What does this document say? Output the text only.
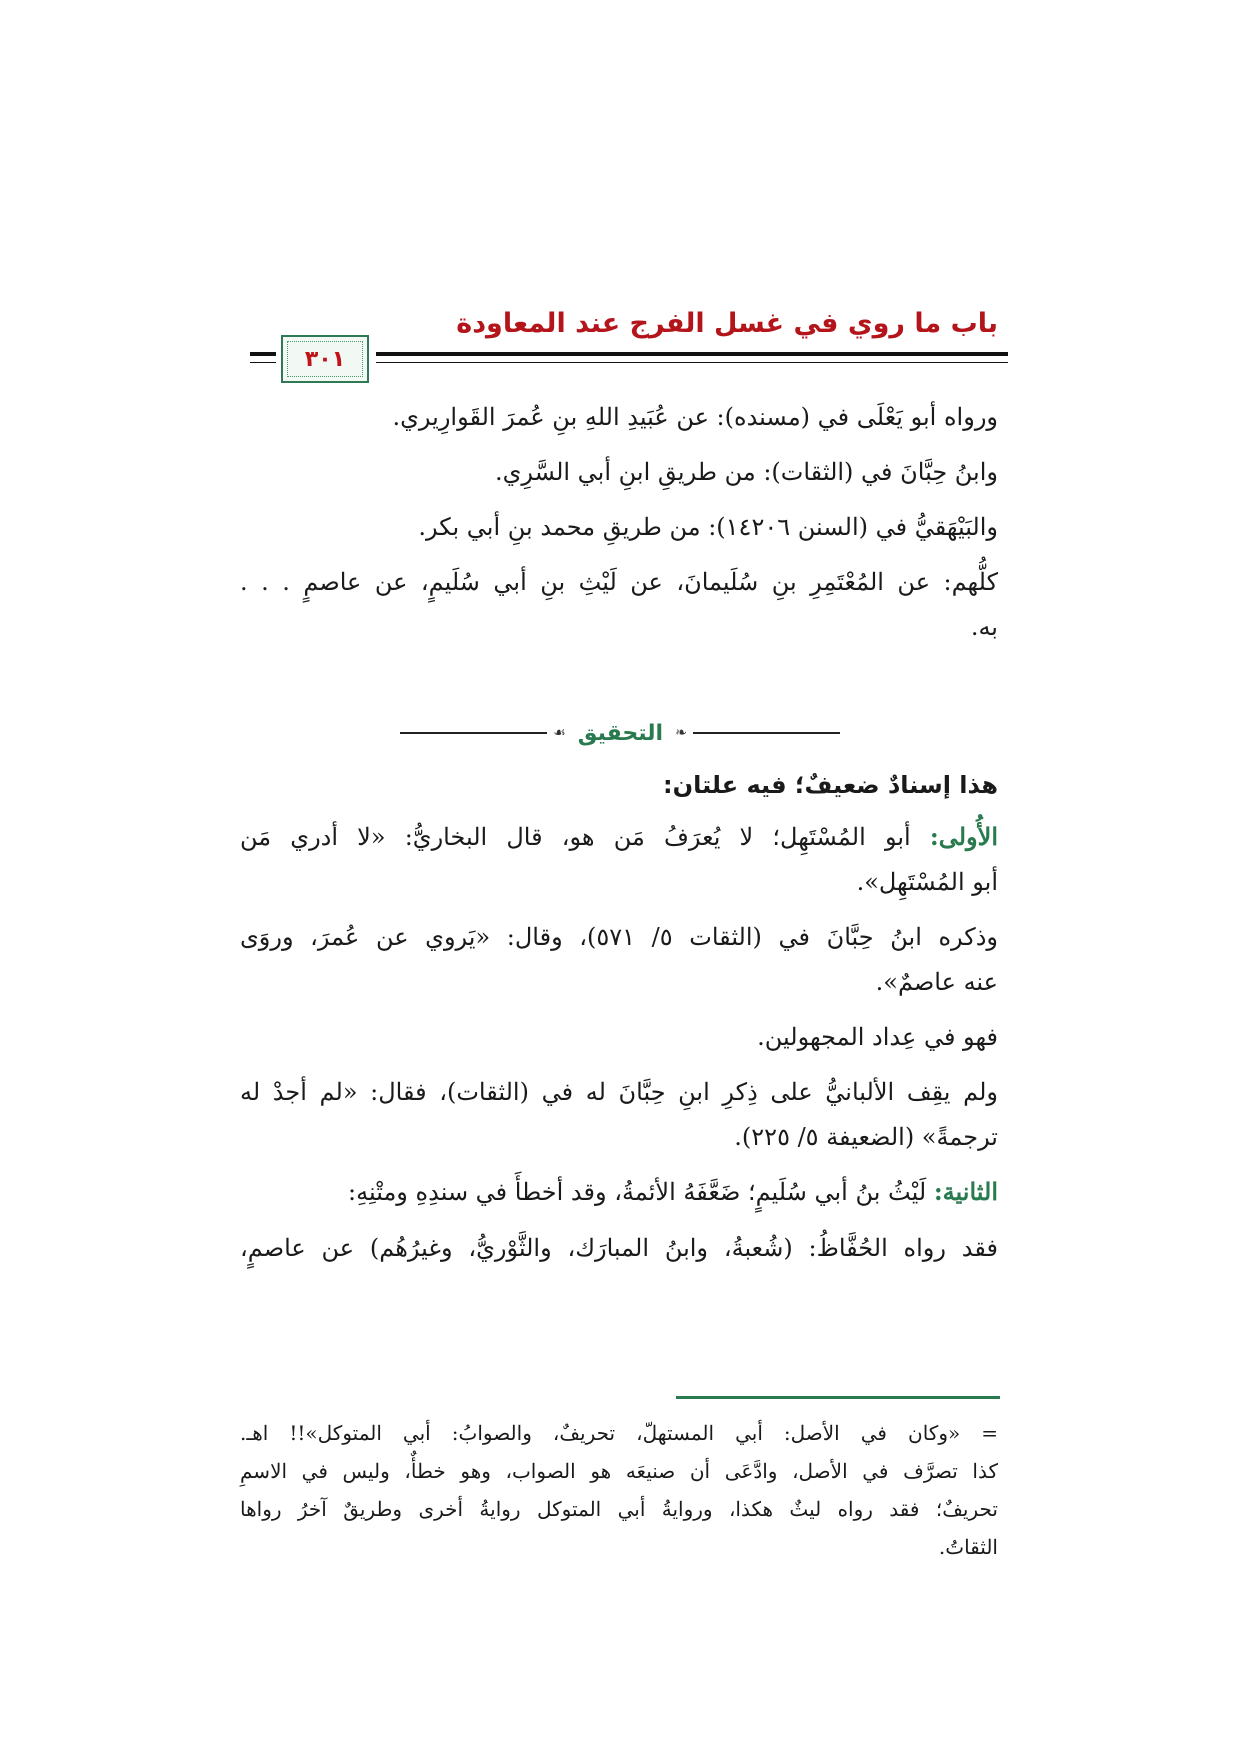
باب ما روي في غسل الفرج عند المعاودة
٣٠١
ورواه أبو يَعْلَى في (مسنده): عن عُبَيدِ اللهِ بنِ عُمرَ القَوارِيري.
وابنُ حِبَّانَ في (الثقات): من طريقِ ابنِ أبي السَّرِي.
والبَيْهَقيُّ في (السنن ١٤٢٠٦): من طريقِ محمد بنِ أبي بكر.
كلُّهم: عن المُعْتَمِرِ بنِ سُلَيمانَ، عن لَيْثِ بنِ أبي سُلَيمٍ، عن عاصمٍ . . .
به.
❧
التحقيق
☙
هذا إسنادٌ ضعيفٌ؛ فيه علتان:
الأُولى: أبو المُسْتَهِل؛ لا يُعرَفُ مَن هو، قال البخاريُّ: «لا أدري مَن
أبو المُسْتَهِل».
وذكره ابنُ حِبَّانَ في (الثقات ٥/ ٥٧١)، وقال: «يَروي عن عُمرَ، وروَى
عنه عاصمٌ».
فهو في عِداد المجهولين.
ولم يقِف الألبانيُّ على ذِكرِ ابنِ حِبَّانَ له في (الثقات)، فقال: «لم أجدْ له
ترجمةً» (الضعيفة ٥/ ٢٢٥).
الثانية: لَيْثُ بنُ أبي سُلَيمٍ؛ ضَعَّفَهُ الأئمةُ، وقد أخطأَ في سندِهِ ومتْنِهِ:
فقد رواه الحُفَّاظُ: (شُعبةُ، وابنُ المبارَك، والثَّوْريُّ، وغيرُهُم) عن عاصمٍ،
= «وكان في الأصل: أبي المستهلّ، تحريفٌ، والصوابُ: أبي المتوكل»!! اهـ.
كذا تصرَّف في الأصل، وادَّعَى أن صنيعَه هو الصواب، وهو خطأٌ، وليس في الاسمِ
تحريفٌ؛ فقد رواه ليثٌ هكذا، وروايةُ أبي المتوكل روايةُ أخرى وطريقٌ آخرُ رواها
الثقاتُ.
